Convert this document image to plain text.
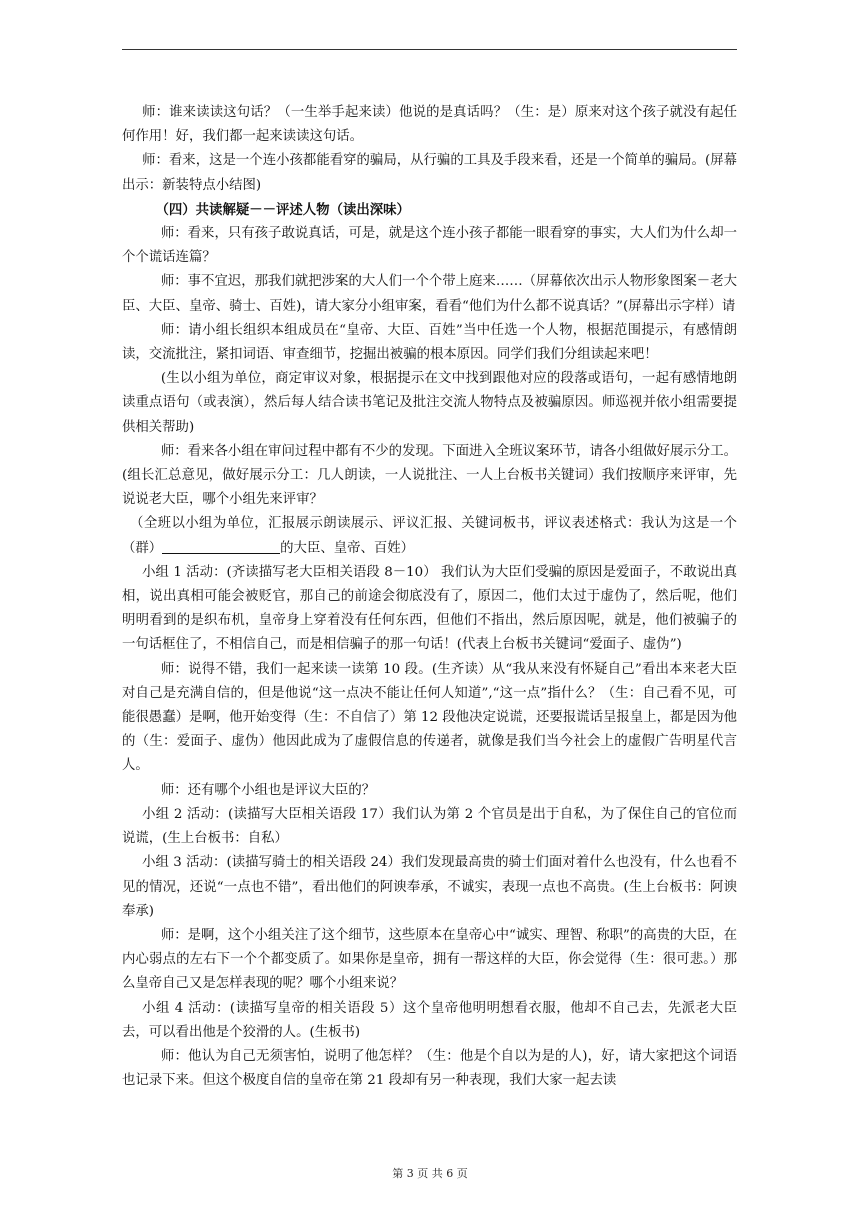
师：谁来读读这句话？（一生举手起来读）他说的是真话吗？（生：是）原来对这个孩子就没有起任何作用！好，我们都一起来读读这句话。

师：看来，这是一个连小孩都能看穿的骗局，从行骗的工具及手段来看，还是一个简单的骗局。(屏幕出示：新装特点小结图)

（四）共读解疑－－评述人物（读出深味）

师：看来，只有孩子敢说真话，可是，就是这个连小孩子都能一眼看穿的事实，大人们为什么却一个个谎话连篇？

师：事不宜迟，那我们就把涉案的大人们一个个带上庭来……（屏幕依次出示人物形象图案－老大臣、大臣、皇帝、骑士、百姓)，请大家分小组审案，看看“他们为什么都不说真话？”(屏幕出示字样）请

师：请小组长组织本组成员在“皇帝、大臣、百姓”当中任选一个人物，根据范围提示，有感情朗读，交流批注，紧扣词语、审查细节，挖掘出被骗的根本原因。同学们我们分组读起来吧！

(生以小组为单位，商定审议对象，根据提示在文中找到跟他对应的段落或语句，一起有感情地朗读重点语句（或表演），然后每人结合读书笔记及批注交流人物特点及被骗原因。师巡视并依小组需要提供相关帮助)

师：看来各小组在审问过程中都有不少的发现。下面进入全班议案环节，请各小组做好展示分工。(组长汇总意见，做好展示分工：几人朗读，一人说批注、一人上台板书关键词）我们按顺序来评审，先说说老大臣，哪个小组先来评审？

（全班以小组为单位，汇报展示朗读展示、评议汇报、关键词板书，评议表述格式：我认为这是一个（群）	的大臣、皇帝、百姓）

小组 1 活动：(齐读描写老大臣相关语段 8－10） 我们认为大臣们受骗的原因是爱面子，不敢说出真相，说出真相可能会被贬官，那自己的前途会彻底没有了，原因二，他们太过于虚伪了，然后呢，他们明明看到的是织布机，皇帝身上穿着没有任何东西，但他们不指出，然后原因呢，就是，他们被骗子的一句话框住了，不相信自己，而是相信骗子的那一句话！(代表上台板书关键词“爱面子、虚伪”)

师：说得不错，我们一起来读一读第 10 段。(生齐读）从“我从来没有怀疑自己”看出本来老大臣对自己是充满自信的，但是他说“这一点决不能让任何人知道”,“这一点”指什么？（生：自己看不见，可能很愚蠢）是啊，他开始变得（生：不自信了）第 12 段他决定说谎，还要报谎话呈报皇上，都是因为他的（生：爱面子、虚伪）他因此成为了虚假信息的传递者，就像是我们当今社会上的虚假广告明星代言人。

师：还有哪个小组也是评议大臣的？

小组 2 活动：(读描写大臣相关语段 17）我们认为第 2 个官员是出于自私，为了保住自己的官位而说谎，(生上台板书：自私）

小组 3 活动：(读描写骑士的相关语段 24）我们发现最高贵的骑士们面对着什么也没有，什么也看不见的情况，还说“一点也不错”，看出他们的阿谀奉承，不诚实，表现一点也不高贵。(生上台板书：阿谀奉承)

师：是啊，这个小组关注了这个细节，这些原本在皇帝心中“诚实、理智、称职”的高贵的大臣，在内心弱点的左右下一个个都变质了。如果你是皇帝，拥有一帮这样的大臣，你会觉得（生：很可悲。）那么皇帝自己又是怎样表现的呢？哪个小组来说？

小组 4 活动：(读描写皇帝的相关语段 5）这个皇帝他明明想看衣服，他却不自己去，先派老大臣去，可以看出他是个狡滑的人。(生板书)

师：他认为自己无须害怕，说明了他怎样？（生：他是个自以为是的人)，好，请大家把这个词语也记录下来。但这个极度自信的皇帝在第 21 段却有另一种表现，我们大家一起去读

第 3 页 共 6 页
